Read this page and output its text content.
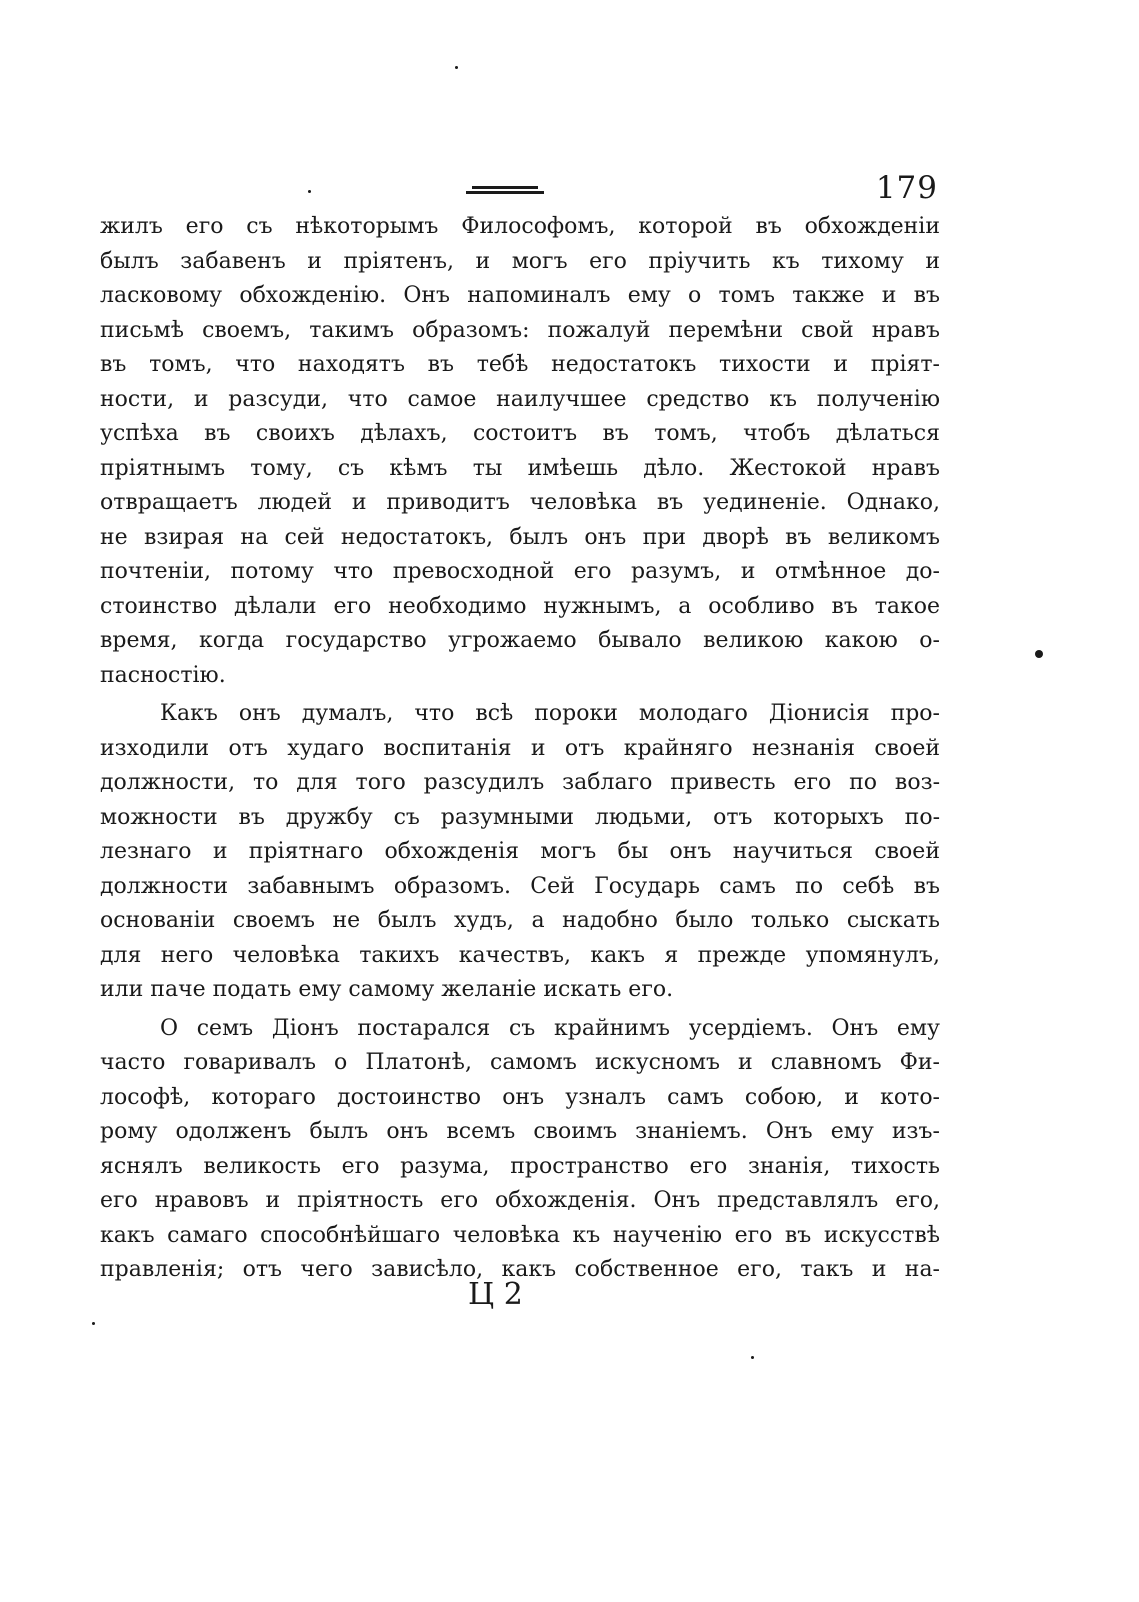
179
жилъ его съ нѣкоторымъ Философомъ, которой въ обхожденіи
былъ забавенъ и пріятенъ, и могъ его пріучить къ тихому и
ласковому обхожденію. Онъ напоминалъ ему о томъ также и въ
письмѣ своемъ, такимъ образомъ: пожалуй перемѣни свой нравъ
въ томъ, что находятъ въ тебѣ недостатокъ тихости и пріят-
ности, и разсуди, что самое наилучшее средство къ полученію
успѣха въ своихъ дѣлахъ, состоитъ въ томъ, чтобъ дѣлаться
пріятнымъ тому, съ кѣмъ ты имѣешь дѣло. Жестокой нравъ
отвращаетъ людей и приводитъ человѣка въ уединеніе. Однако,
не взирая на сей недостатокъ, былъ онъ при дворѣ въ великомъ
почтеніи, потому что превосходной его разумъ, и отмѣнное до-
стоинство дѣлали его необходимо нужнымъ, а особливо въ такое
время, когда государство угрожаемо бывало великою какою о-
пасностію.
Какъ онъ думалъ, что всѣ пороки молодаго Діонисія про-
изходили отъ худаго воспитанія и отъ крайняго незнанія своей
должности, то для того разсудилъ заблаго привесть его по воз-
можности въ дружбу съ разумными людьми, отъ которыхъ по-
лезнаго и пріятнаго обхожденія могъ бы онъ научиться своей
должности забавнымъ образомъ. Сей Государь самъ по себѣ въ
основаніи своемъ не былъ худъ, а надобно было только сыскать
для него человѣка такихъ качествъ, какъ я прежде упомянулъ,
или паче подать ему самому желаніе искать его.
О семъ Діонъ постарался съ крайнимъ усердіемъ. Онъ ему
часто говаривалъ о Платонѣ, самомъ искусномъ и славномъ Фи-
лософѣ, котораго достоинство онъ узналъ самъ собою, и кото-
рому одолженъ былъ онъ всемъ своимъ знаніемъ. Онъ ему изъ-
яснялъ великость его разума, пространство его знанія, тихость
его нравовъ и пріятность его обхожденія. Онъ представлялъ его,
какъ самаго способнѣйшаго человѣка къ наученію его въ искусствѣ
правленія; отъ чего зависѣло, какъ собственное его, такъ и на-
Ц 2
